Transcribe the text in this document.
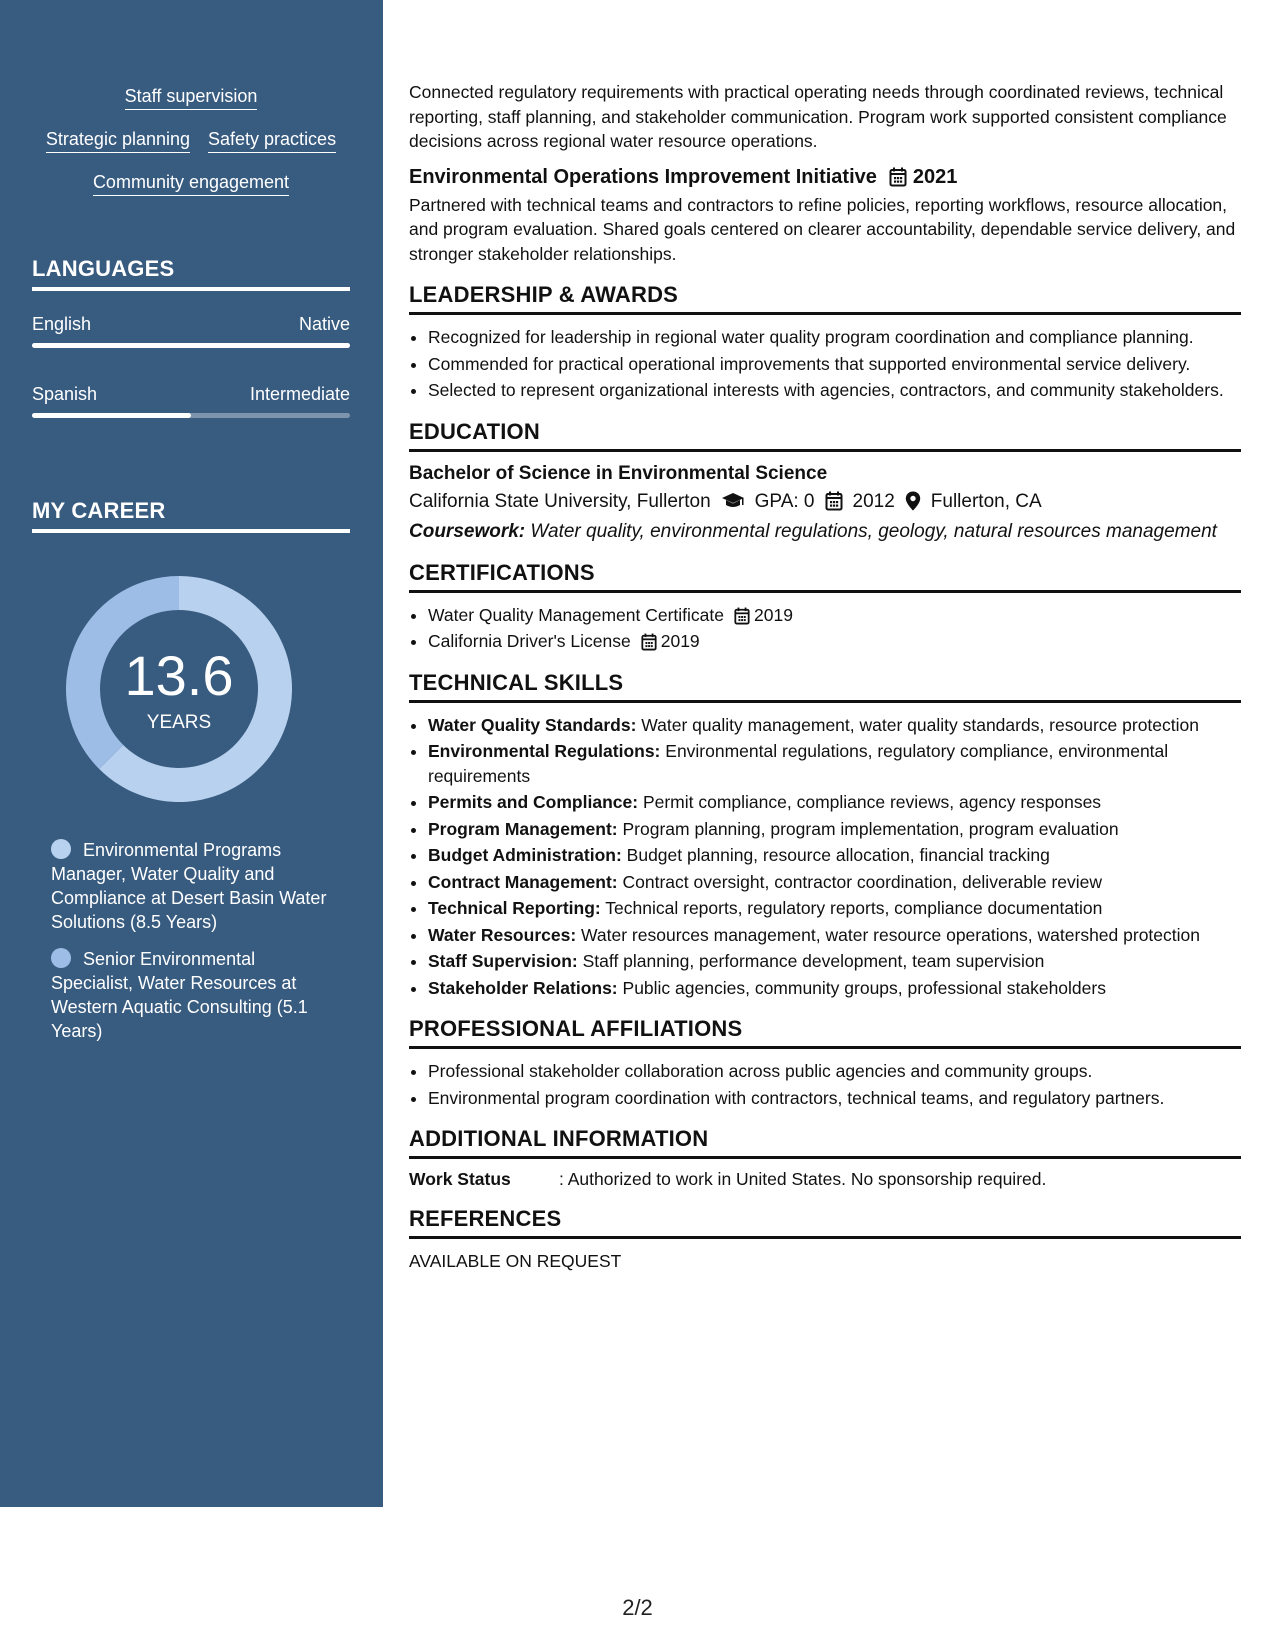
Staff supervision
Strategic planning Safety practices
Community engagement
LANGUAGES
English	Native
Spanish	Intermediate
MY CAREER
13.6
YEARS
Environmental Programs Manager, Water Quality and Compliance at Desert Basin Water Solutions (8.5 Years)
Senior Environmental Specialist, Water Resources at Western Aquatic Consulting (5.1 Years)

Connected regulatory requirements with practical operating needs through coordinated reviews, technical reporting, staff planning, and stakeholder communication. Program work supported consistent compliance decisions across regional water resource operations.

Environmental Operations Improvement Initiative 2021

Partnered with technical teams and contractors to refine policies, reporting workflows, resource allocation, and program evaluation. Shared goals centered on clearer accountability, dependable service delivery, and stronger stakeholder relationships.

LEADERSHIP & AWARDS
• Recognized for leadership in regional water quality program coordination and compliance planning.
• Commended for practical operational improvements that supported environmental service delivery.
• Selected to represent organizational interests with agencies, contractors, and community stakeholders.
EDUCATION
Bachelor of Science in Environmental Science
California State University, Fullerton GPA: 0 2012 Fullerton, CA
Coursework: Water quality, environmental regulations, geology, natural resources management
CERTIFICATIONS
• Water Quality Management Certificate 2019
• California Driver's License 2019
TECHNICAL SKILLS
• Water Quality Standards: Water quality management, water quality standards, resource protection
• Environmental Regulations: Environmental regulations, regulatory compliance, environmental requirements
• Permits and Compliance: Permit compliance, compliance reviews, agency responses
• Program Management: Program planning, program implementation, program evaluation
• Budget Administration: Budget planning, resource allocation, financial tracking
• Contract Management: Contract oversight, contractor coordination, deliverable review
• Technical Reporting: Technical reports, regulatory reports, compliance documentation
• Water Resources: Water resources management, water resource operations, watershed protection
• Staff Supervision: Staff planning, performance development, team supervision
• Stakeholder Relations: Public agencies, community groups, professional stakeholders
PROFESSIONAL AFFILIATIONS
• Professional stakeholder collaboration across public agencies and community groups.
• Environmental program coordination with contractors, technical teams, and regulatory partners.
ADDITIONAL INFORMATION
Work Status	: Authorized to work in United States. No sponsorship required.
REFERENCES
AVAILABLE ON REQUEST
2/2
